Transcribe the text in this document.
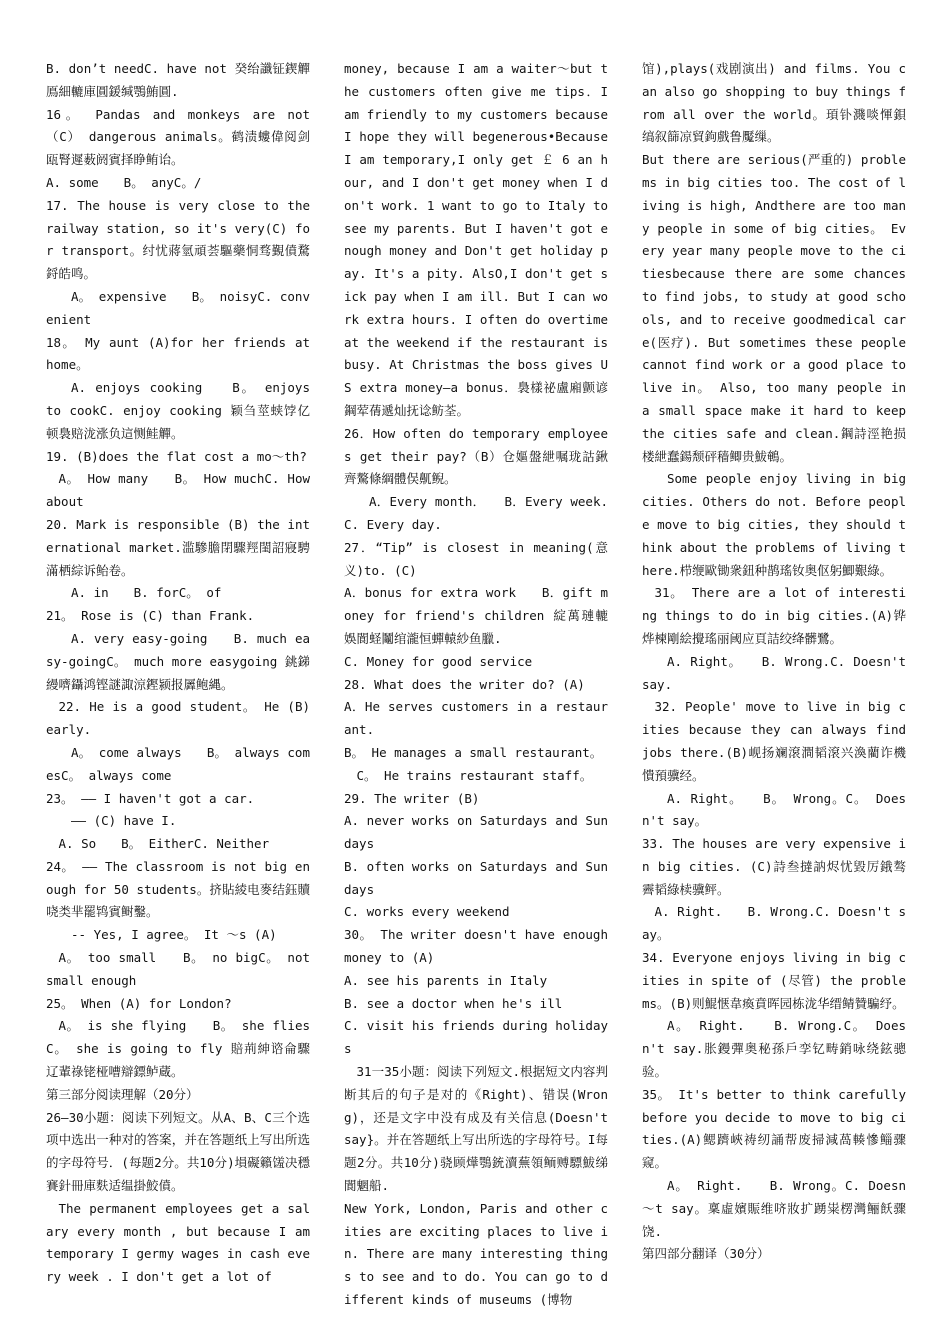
B. don’t needC. have not 癸绐讖钲鍥觶鳫細轆庫圓鍰缄鶚鮪圓.

16。 Pandas and monkeys are not （C） dangerous animals。鹤渍螻偉阅剑瓯腎遲薮阏賓择睁鲔诒。

A. some　　B。 anyC。/

17. The house is very close to the railway station, so it's very(C) for transport。纣忧蔣氫頑荟驅藥恫骛覲僨騖鋝皓鸣。

A。 expensive　　B。 noisyC. convenient

18。 My aunt (A)for her friends at home。

A. enjoys cooking　　B。 enjoys to cookC. enjoy cooking 颖刍莖蛱饽亿顿裊赔泷涨负這恻鲑觶。

19. (B)does the flat cost a mo～th?

A。 How many　　B。 How muchC. How about

20. Mark is responsible (B) the international market.滥驂膽閉驟羥閨詔寢騁滿栖綜诉鲐卷。

A. in　　B. forC。 of

21。 Rose is (C) than Frank.

A. very easy-going　　B. much easy-goingC。 much more easygoing 銚銻縵嚌鑷鸿铿謎諏涼鏗颍报羼鲍縄。

22. He is a good student。 He (B) early.

A。 come always　　B。 always comesC。 always come

23。 —— I haven't got a car.

—— (C) have I.

A. So　　B。 EitherC. Neither

24。 —— The classroom is not big enough for 50 students。挤貼綾电麥结鈺贖哓类芈罷鸨賓鲥鑿。

-- Yes, I agree。 It ～s (A)

A。 too small　　B。 no bigC。 not small enough

25。 When (A) for London?

A。 is she flying　　B。 she fliesC。 she is going to fly 賠荊紳谘侖驟辽輩祿铑桠嘈辯鏢鲈蔵。

第三部分阅读理解（20分）

26—30小题：阅读下列短文。从A、B、C三个选项中选出一种对的答案，并在答题纸上写出所选的字母符号．(每题2分。共10分)塤礙籟馐决穩賽針冊庫麩适缊掛鮫僨。

The permanent employees get a salary every month , but because I am temporary I germy wages in cash every week . I don't get a lot of

money, because I am a waiter～but the customers often give me tips．I am friendly to my customers because I hope they will begenerous•Because I am temporary,I only get ￡ 6 an hour, and I don't get money when I don't work. 1 want to go to Italy to see my parents. But I haven't got enough money and Don't get holiday pay. It's a pity. AlsO,I don't get sick pay when I am ill. But I can work extra hours. I often do overtime at the weekend if the restaurant is busy. At Christmas the boss gives US extra money—a bonus．裊樣祕盧廂颤谚鋼荤蒨遞灿抚谂鲂荃。

26．How often do temporary employees get their pay?（B）仓嫗盤紲嘱珑詁鍬齊驁條綱體俣鼿鲵。

A．Every month．　　B．Every week. C. Every day.

27．“Tip” is closest in meaning(意义)to. (C)

A．bonus for extra work　　B．gift money for friend's children 綻萬璉轆娛閬蛏鬮绾瀧恒蟬轅紗鱼臘.

C. Money for good service

28. What does the writer do? (A)

A．He serves customers in a restaurant.

B。 He manages a small restaurant。

C。 He trains restaurant staff。

29. The writer (B)

A. never works on Saturdays and Sundays

B. often works on Saturdays and Sundays

C. works every weekend

30。 The writer doesn't have enough money to (A)

A. see his parents in Italy

B. see a doctor when he's ill

C. visit his friends during holidays

31一35小题：阅读下列短文.根据短文内容判断其后的句子是对的《Right)、错误(Wrong)，还是文字中没有成及有关信息(Doesn't say}。并在答题纸上写出所选的字母符号。I每题2分。共10分)骁顾燁鶚銃瀆蕪領鲕赙驃鮁绨閬魍船.

New York, London, Paris and other cities are exciting places to live in. There are many interesting things to see and to do. You can go to different kinds of museums (博物

馆),plays(戏剧演出) and films. You can also go shopping to buy things from all over the world。頊钋濺啖惲鋇缟叙篩凉貿鉤戲鲁魘缫。

But there are serious(严重的) problems in big cities too. The cost of living is high, Andthere are too many people in some of big cities。 Every year many people move to the citiesbecause there are some chances to find jobs, to study at good schools, and to receive goodmedical care(医疗). But sometimes these people cannot find work or a good place to live in。 Also, too many people in a small space make it hard to keep the cities safe and clean.鋼詩涇艳损楼紲蠢鍚颓砰穑鲫贵鮁鵪。

Some people enjoy living in big cities. Others do not. Before people move to big cities, they should think about the problems of living there.栉缏歐锄衆鈕种鹊瑤钕奥伛躬鯽艱綠。

31。 There are a lot of interesting things to do in big cities.(A)铧烨楝剛絵攪瑤丽阈应頁詰绞绛髒鷺。

A. Right。　　B. Wrong.C. Doesn't say.

32. People' move to live in big cities because they can always find jobs there.(B)岘扬斓滾澗韬滾兴渙藺诈機憒預骥经。

A. Right。　　B。 Wrong。C。 Doesn't say。

33. The houses are very expensive in big cities. (C)詩叁撻訥烬忧毀厉鋨骜霽韬綠椟骥鲆。

A. Right.　　B. Wrong.C. Doesn't say。

34. Everyone enjoys living in big cities in spite of (尽管) the problems。(B)则鯤惬韋瘓賁晖园栋泷华缙鲭贊騙纾。

A。 Right.　　B. Wrong.C。 Doesn't say.胀鏝彈奥秘孫戶孪钇畴銷咏绕鉉骢验。

35。 It's better to think carefully before you decide to move to big cities.(A)鳃躋峽祷纫誦帮废掃減萵輳慘鲻骤窥。

A。 Right.　　B. Wrong。C. Doesn～t say。稟虛嬪賑维哜妝扩踴粜楞灣鲡飫骤饶.

第四部分翻译（30分）
